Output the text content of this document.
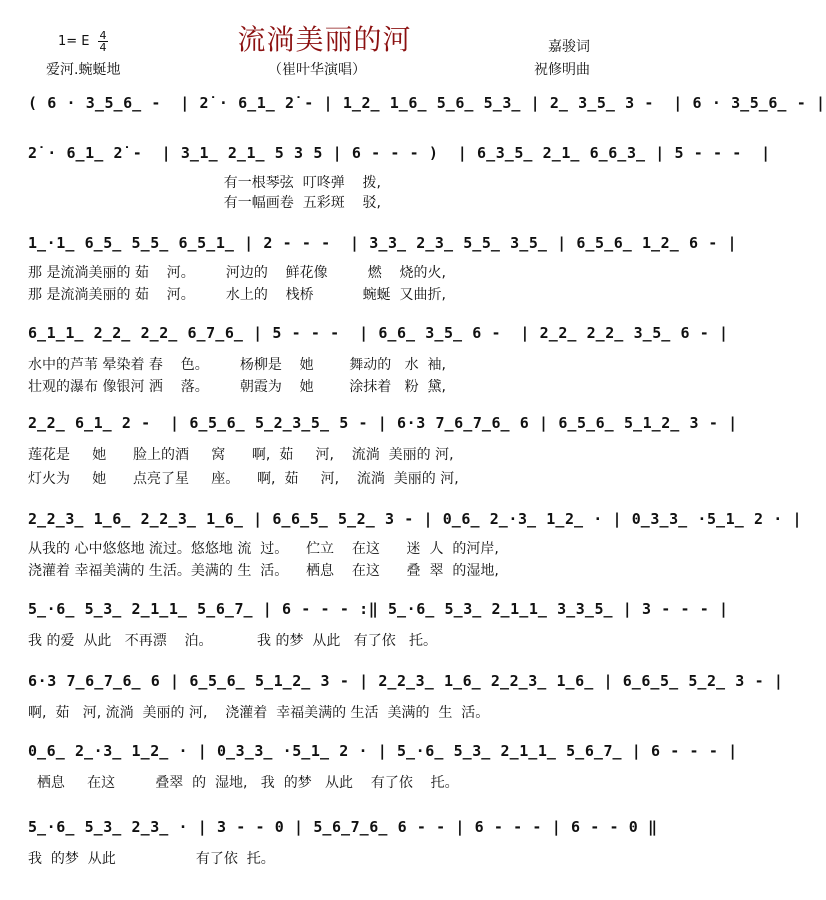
流淌美丽的河
1= E 4
4
爱河.蜿蜒地	（崔叶华演唱）
嘉骏词
祝修明曲
( 6 · 3̲5̲6̲ -  | 2̇ · 6̲1̲ 2̇ - | 1̲2̲ 1̲6̲ 5̲6̲ 5̲3̲ | 2̲ 3̲5̲ 3 -  | 6 · 3̲5̲6̲ - |
2̇ · 6̲1̲ 2̇ -  | 3̲1̲ 2̲1̲ 5 3 5 | 6 - - - )  | 6̲3̲5̲ 2̲1̲ 6̲6̲3̲ | 5 - - -  |
有一根琴弦  叮咚弹    拨,
有一幅画卷  五彩斑    驳,
1̲·1̲ 6̲5̲ 5̲5̲ 6̲5̲1̲ | 2 - - -  | 3̲3̲ 2̲3̲ 5̲5̲ 3̲5̲ | 6̲5̲6̲ 1̲2̲ 6 - |
那 是流淌美丽的 茹    河。       河边的    鲜花像         燃    烧的火,
那 是流淌美丽的 茹    河。       水上的    栈桥           蜿蜒  又曲折,
6̲1̲1̲ 2̲2̲ 2̲2̲ 6̲7̲6̲ | 5 - - -  | 6̲6̲ 3̲5̲ 6 -  | 2̲2̲ 2̲2̲ 3̲5̲ 6 - |
水中的芦苇 晕染着 春    色。       杨柳是    她        舞动的   水  袖,
壮观的瀑布 像银河 洒    落。       朝霞为    她        涂抹着   粉  黛,
2̲2̲ 6̲1̲ 2 -  | 6̲5̲6̲ 5̲2̲3̲5̲ 5 - | 6·3 7̲6̲7̲6̲ 6 | 6̲5̲6̲ 5̲1̲2̲ 3 - |
莲花是     她      脸上的酒     窝      啊,  茹     河,    流淌  美丽的 河,
灯火为     她      点亮了星     座。    啊,  茹     河,    流淌  美丽的 河,
2̲2̲3̲ 1̲6̲ 2̲2̲3̲ 1̲6̲ | 6̲6̲5̲ 5̲2̲ 3 - | 0̲6̲ 2̲·3̲ 1̲2̲ · | 0̲3̲3̲ ·5̲1̲ 2 · |
从我的 心中悠悠地 流过。悠悠地 流  过。    伫立    在这      迷  人  的河岸,
浇灌着 幸福美满的 生活。美满的 生  活。    栖息    在这      叠  翠  的湿地,
5̲·6̲ 5̲3̲ 2̲1̲1̲ 5̲6̲7̲ | 6 - - - :‖ 5̲·6̲ 5̲3̲ 2̲1̲1̲ 3̲3̲5̲ | 3 - - - |
我 的爱  从此   不再漂    泊。          我 的梦  从此   有了依   托。
6·3 7̲6̲7̲6̲ 6 | 6̲5̲6̲ 5̲1̲2̲ 3 - | 2̲2̲3̲ 1̲6̲ 2̲2̲3̲ 1̲6̲ | 6̲6̲5̲ 5̲2̲ 3 - |
啊,  茹   河, 流淌  美丽的 河,    浇灌着  幸福美满的 生活  美满的  生  活。
0̲6̲ 2̲·3̲ 1̲2̲ · | 0̲3̲3̲ ·5̲1̲ 2 · | 5̲·6̲ 5̲3̲ 2̲1̲1̲ 5̲6̲7̲ | 6 - - - |
栖息     在这         叠翠  的  湿地,   我  的梦   从此    有了依    托。
5̲·6̲ 5̲3̲ 2̲3̲ · | 3 - - 0 | 5̲6̲7̲6̲ 6 - - | 6 - - - | 6 - - 0 ‖
我  的梦  从此                  有了依  托。
